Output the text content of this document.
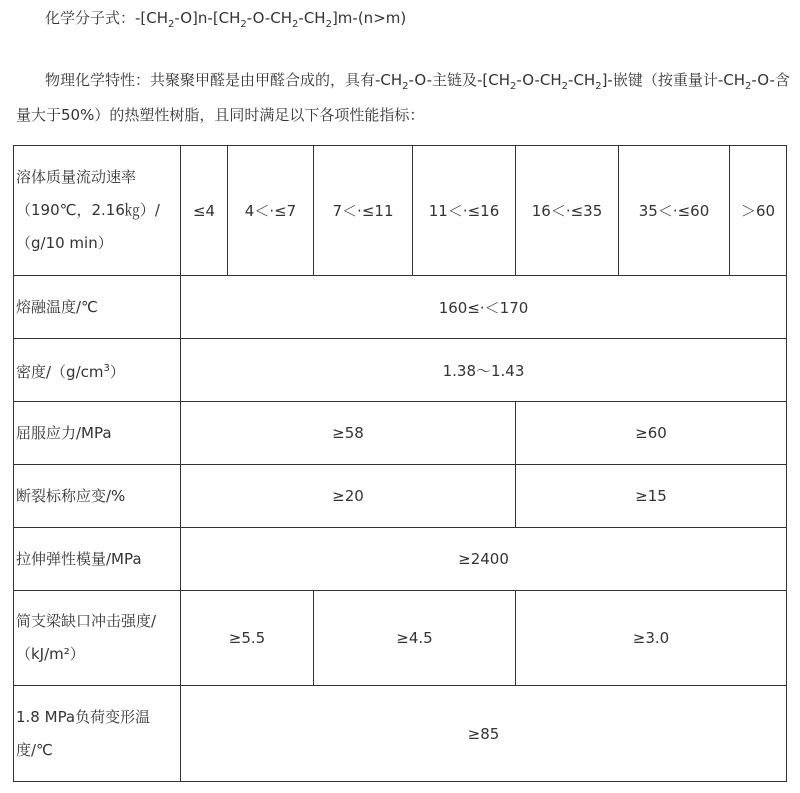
化学分子式：$-[CH_2-O]n-[CH_2-O-CH_2-CH_2]m-(n>m)$

物理化学特性：共聚聚甲醛是由甲醛合成的，具有$-CH_2-O-$主链及$-[CH_2-O-CH_2-CH_2]-$嵌键（按重量计$-CH_2-O-$含量大于50%）的热塑性树脂，且同时满足以下各项性能指标：

溶体质量流动速率
（190℃，2.16㎏）/
（g/10 min）	≤4	4＜·≤7	7＜·≤11	11＜·≤16	16＜·≤35	35＜·≤60	＞60
熔融温度/℃	160≤·＜170						
密度$/(g/cm^3)$	1.38～1.43						
屈服应力/MPa	≥58				≥60		
断裂标称应变/%	≥20				≥15		
拉伸弹性模量/MPa	≥2400						

简支梁缺口冲击强度/
（kJ/m²）	≥5.5		≥4.5		≥3.0		

1.8 MPa负荷变形温
度/℃	≥85						
